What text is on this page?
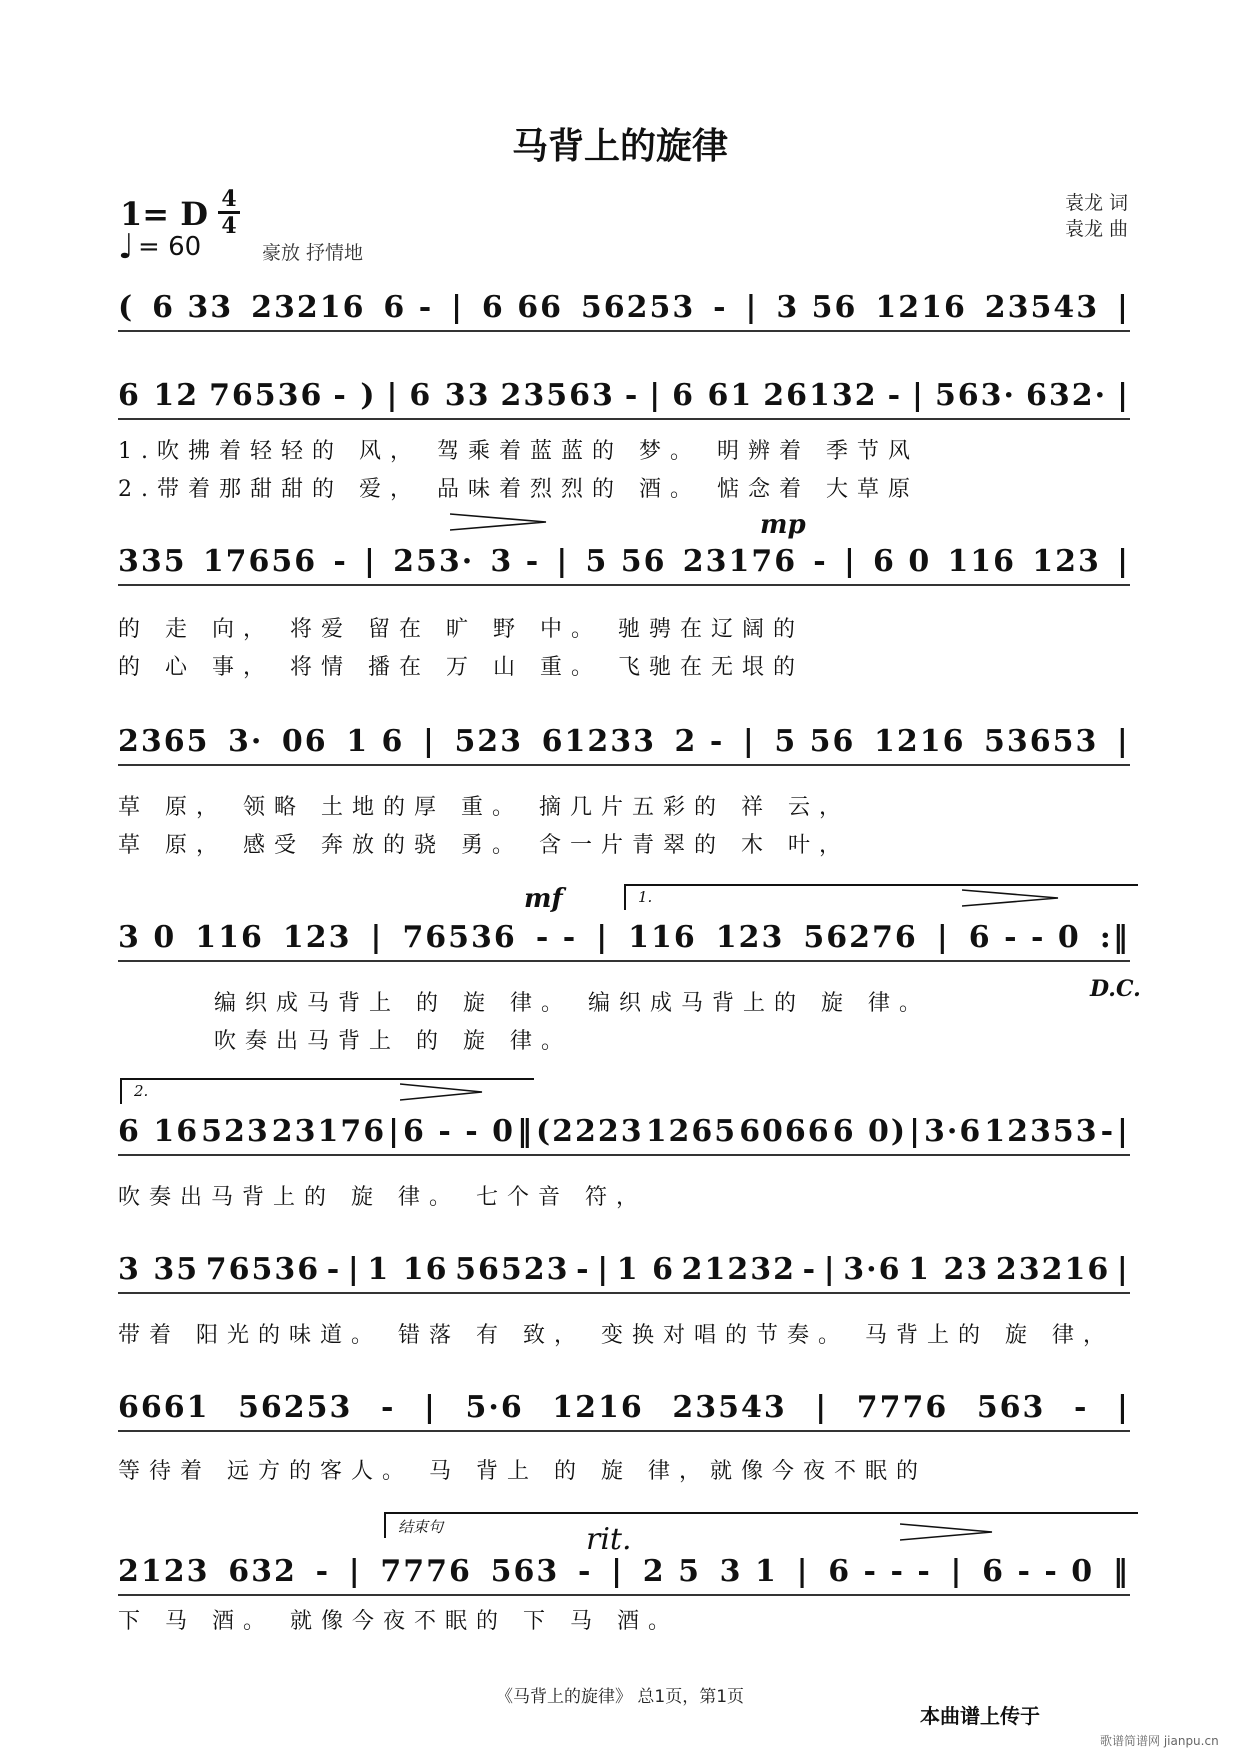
马背上的旋律
1= D 4
4
♩ = 60	豪放 抒情地
袁龙 词
袁龙 曲
( 6 33 23216 6 - | 6 66 56253 - | 3 56 1216 23543 |
6 12 76536 - ) | 6 33 23563 - | 6 61 26132 - | 563· 632· |
1.吹拂着轻轻的 风， 驾乘着蓝蓝的 梦。 明辨着 季节风
2.带着那甜甜的 爱， 品味着烈烈的 酒。 惦念着 大草原
mp
335 17656 - | 253· 3 - | 5 56 23176 - | 6 0 116 123 |
的 走 向， 将爱 留在 旷 野 中。 驰骋在辽阔的
的 心 事， 将情 播在 万 山 重。 飞驰在无垠的
2365 3· 06 1 6 | 523 61233 2 - | 5 56 1216 53653 |
草 原， 领略 土地的厚 重。 摘几片五彩的 祥 云，
草 原， 感受 奔放的骁 勇。 含一片青翠的 木 叶，
mf	1.
3 0 116 123 | 76536 - - | 116 123 56276 | 6 - - 0 :‖
D.C.
编织成马背上 的 旋 律。 编织成马背上的 旋 律。
吹奏出马背上 的 旋 律。
2.
6 16 523 23176 | 6 - - 0 ‖ (2223 1265 6066 6 0) | 3·6 12353 - |
吹奏出马背上的 旋 律。 七个音 符，
3 35 76536 - | 1 16 56523 - | 1 6 21232 - | 3·6 1 23 23216 |
带着 阳光的味道。 错落 有 致， 变换对唱的节奏。 马背上的 旋 律，
6661 56253 - | 5·6 1216 23543 | 7776 563 - |
等待着 远方的客人。 马 背上 的 旋 律，就像今夜不眠的
结束句	rit.
2123 632 - | 7776 563 - | 2 5 3 1 | 6 - - - | 6 - - 0 ‖
下 马 酒。 就像今夜不眠的 下 马 酒。
《马背上的旋律》 总1页，第1页
本曲谱上传于
歌谱简谱网 jianpu.cn
